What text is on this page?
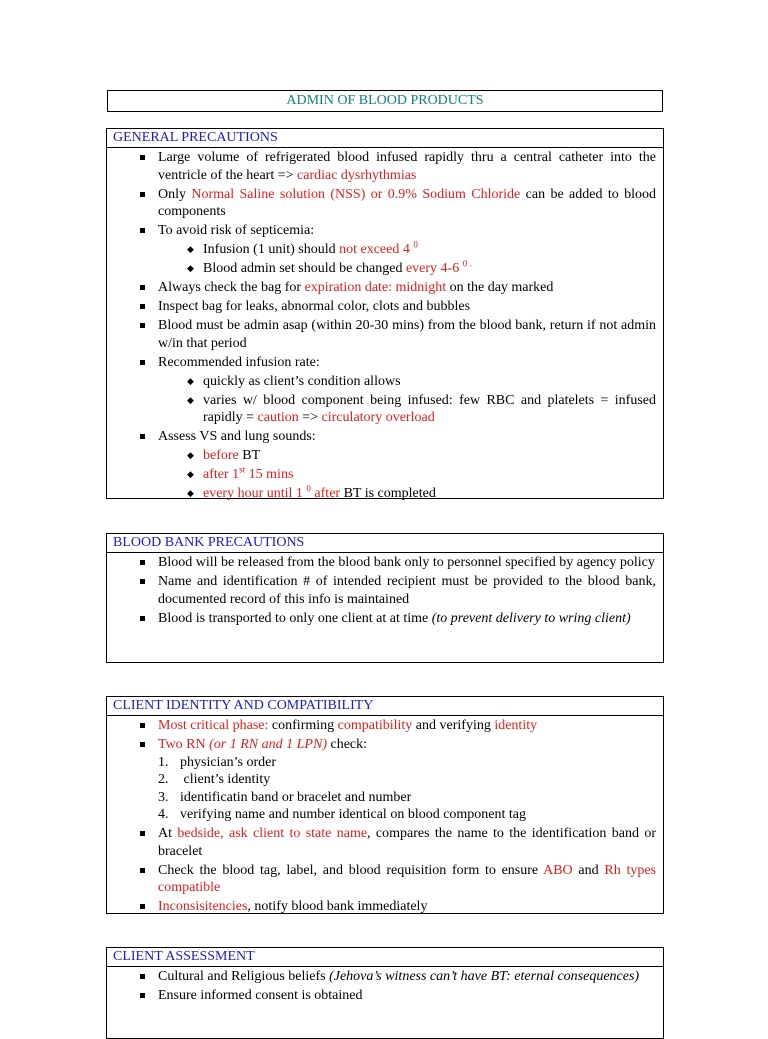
ADMIN OF BLOOD PRODUCTS
GENERAL PRECAUTIONS
Large volume of refrigerated blood infused rapidly thru a central catheter into the ventricle of the heart => cardiac dysrhythmias
Only Normal Saline solution (NSS) or 0.9% Sodium Chloride can be added to blood components
To avoid risk of septicemia:
◆ Infusion (1 unit) should not exceed 4 $^0$
◆ Blood admin set should be changed every 4-6 $^{0 .}$
Always check the bag for expiration date: midnight on the day marked
Inspect bag for leaks, abnormal color, clots and bubbles
Blood must be admin asap (within 20-30 mins) from the blood bank, return if not admin w/in that period
Recommended infusion rate:
◆ quickly as client’s condition allows
◆ varies w/ blood component being infused: few RBC and platelets = infused rapidly = caution => circulatory overload
Assess VS and lung sounds:
◆ before BT
◆ after 1st 15 mins
◆ every hour until 1 $^0$ after BT is completed
BLOOD BANK PRECAUTIONS
Blood will be released from the blood bank only to personnel specified by agency policy
Name and identification # of intended recipient must be provided to the blood bank, documented record of this info is maintained
Blood is transported to only one client at at time (to prevent delivery to wring client)
CLIENT IDENTITY AND COMPATIBILITY
Most critical phase: confirming compatibility and verifying identity
Two RN (or 1 RN and 1 LPN) check:
1. physician’s order
2. client’s identity
3. identificatin band or bracelet and number
4. verifying name and number identical on blood component tag
At bedside, ask client to state name, compares the name to the identification band or bracelet
Check the blood tag, label, and blood requisition form to ensure ABO and Rh types compatible
Inconsisitencies, notify blood bank immediately
CLIENT ASSESSMENT
Cultural and Religious beliefs (Jehova’s witness can’t have BT: eternal consequences)
Ensure informed consent is obtained
